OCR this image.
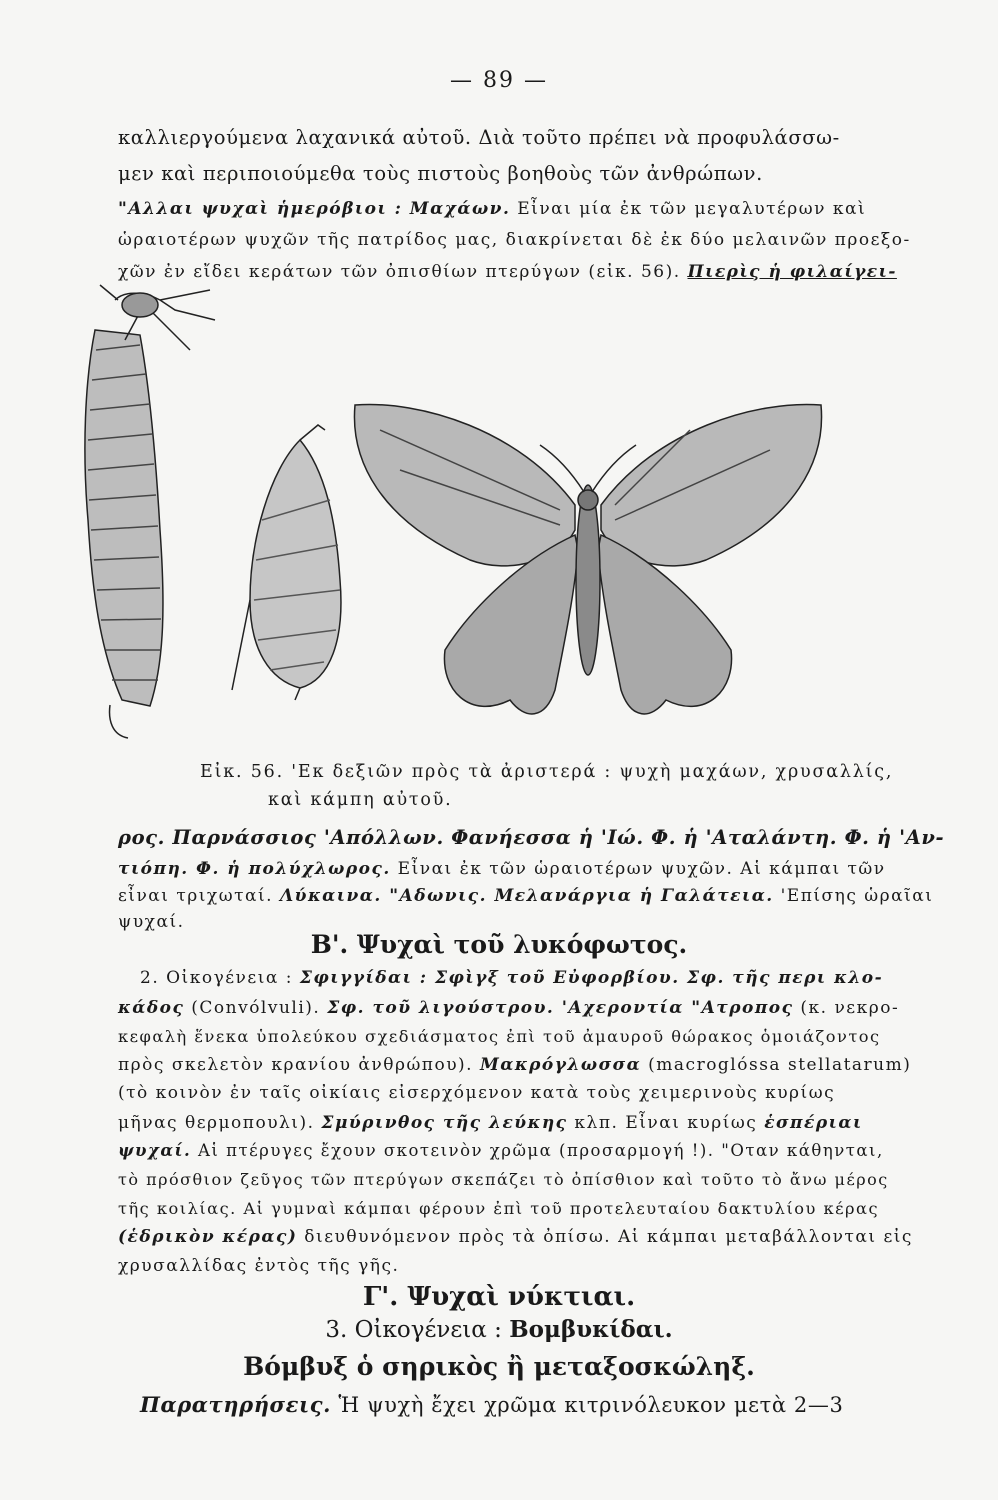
— 89 —
καλλιεργούμενα λαχανικά αὐτοῦ. Διὰ τοῦτο πρέπει νὰ προφυλάσσω-
μεν καὶ περιποιούμεθα τοὺς πιστοὺς βοηθοὺς τῶν ἀνθρώπων.
"Αλλαι ψυχαὶ ἡμερόβιοι : Μαχάων. Εἶναι μία ἐκ τῶν μεγαλυτέρων καὶ
ὡραιοτέρων ψυχῶν τῆς πατρίδος μας, διακρίνεται δὲ ἐκ δύο μελαινῶν προεξο-
χῶν ἐν εἴδει κεράτων τῶν ὀπισθίων πτερύγων (εἰκ. 56). Πιερὶς ἡ φιλαίγει-
Εἰκ. 56. 'Εκ δεξιῶν πρὸς τὰ ἀριστερά : ψυχὴ μαχάων, χρυσαλλίς,
καὶ κάμπη αὐτοῦ.
ρος. Παρνάσσιος 'Απόλλων. Φανήεσσα ἡ 'Ιώ. Φ. ἡ 'Αταλάντη. Φ. ἡ 'Αν-
τιόπη. Φ. ἡ πολύχλωρος. Εἶναι ἐκ τῶν ὡραιοτέρων ψυχῶν. Αἱ κάμπαι τῶν
εἶναι τριχωταί. Λύκαινα. "Αδωνις. Μελανάργια ἡ Γαλάτεια. 'Επίσης ὡραῖαι
ψυχαί.
Β'. Ψυχαὶ τοῦ λυκόφωτος.
2. Οἰκογένεια : Σφιγγίδαι : Σφὶγξ τοῦ Εὐφορβίου. Σφ. τῆς περι κλο-
κάδος (Convólvuli). Σφ. τοῦ λιγούστρου. 'Αχεροντία "Ατροπος (κ. νεκρο-
κεφαλὴ ἕνεκα ὑπολεύκου σχεδιάσματος ἐπὶ τοῦ ἀμαυροῦ θώρακος ὁμοιάζοντος
πρὸς σκελετὸν κρανίου ἀνθρώπου). Μακρόγλωσσα (macroglóssa stellatarum)
(τὸ κοινὸν ἐν ταῖς οἰκίαις εἰσερχόμενον κατὰ τοὺς χειμερινοὺς κυρίως
μῆνας θερμοπουλι). Σμύρινθος τῆς λεύκης κλπ. Εἶναι κυρίως ἑσπέριαι
ψυχαί. Αἱ πτέρυγες ἔχουν σκοτεινὸν χρῶμα (προσαρμογή !). "Οταν κάθηνται,
τὸ πρόσθιον ζεῦγος τῶν πτερύγων σκεπάζει τὸ ὀπίσθιον καὶ τοῦτο τὸ ἄνω μέρος
τῆς κοιλίας. Αἱ γυμναὶ κάμπαι φέρουν ἐπὶ τοῦ προτελευταίου δακτυλίου κέρας
(ἑδρικὸν κέρας) διευθυνόμενον πρὸς τὰ ὀπίσω. Αἱ κάμπαι μεταβάλλονται εἰς
χρυσαλλίδας ἐντὸς τῆς γῆς.
Γ'. Ψυχαὶ νύκτιαι.
3. Οἰκογένεια : Βομβυκίδαι.
Βόμβυξ ὁ σηρικὸς ἢ μεταξοσκώληξ.
Παρατηρήσεις. Ἡ ψυχὴ ἔχει χρῶμα κιτρινόλευκον μετὰ 2—3
